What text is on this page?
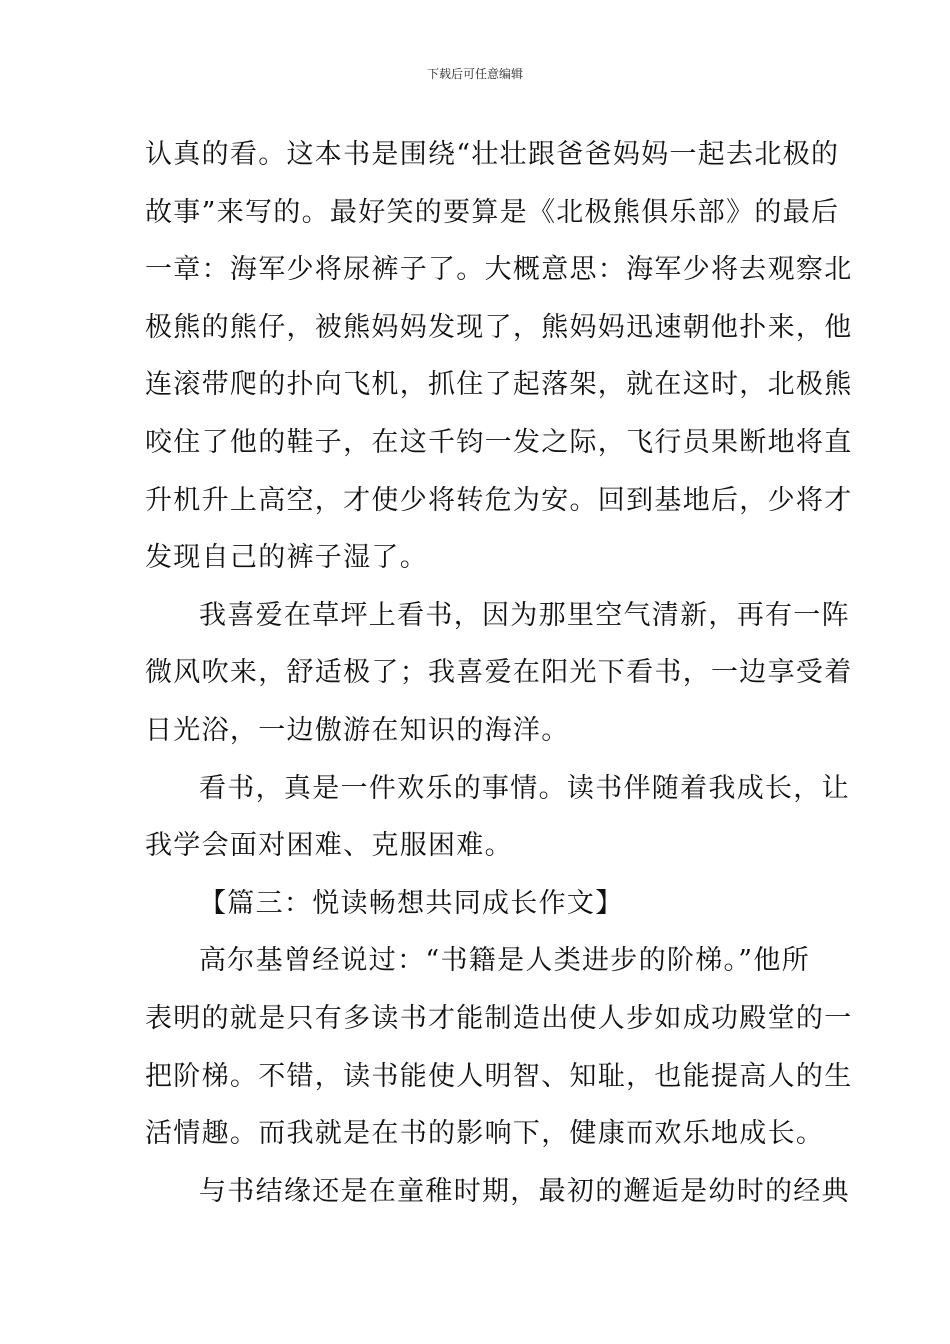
下载后可任意编辑
认真的看。这本书是围绕“壮壮跟爸爸妈妈一起去北极的
故事”来写的。最好笑的要算是《北极熊俱乐部》的最后
一章：海军少将尿裤子了。大概意思：海军少将去观察北
极熊的熊仔，被熊妈妈发现了，熊妈妈迅速朝他扑来，他
连滚带爬的扑向飞机，抓住了起落架，就在这时，北极熊
咬住了他的鞋子，在这千钧一发之际，飞行员果断地将直
升机升上高空，才使少将转危为安。回到基地后，少将才
发现自己的裤子湿了。
我喜爱在草坪上看书，因为那里空气清新，再有一阵
微风吹来，舒适极了；我喜爱在阳光下看书，一边享受着
日光浴，一边傲游在知识的海洋。
看书，真是一件欢乐的事情。读书伴随着我成长，让
我学会面对困难、克服困难。
【篇三：悦读畅想共同成长作文】
高尔基曾经说过：“书籍是人类进步的阶梯。”他所
表明的就是只有多读书才能制造出使人步如成功殿堂的一
把阶梯。不错，读书能使人明智、知耻，也能提高人的生
活情趣。而我就是在书的影响下，健康而欢乐地成长。
与书结缘还是在童稚时期，最初的邂逅是幼时的经典
